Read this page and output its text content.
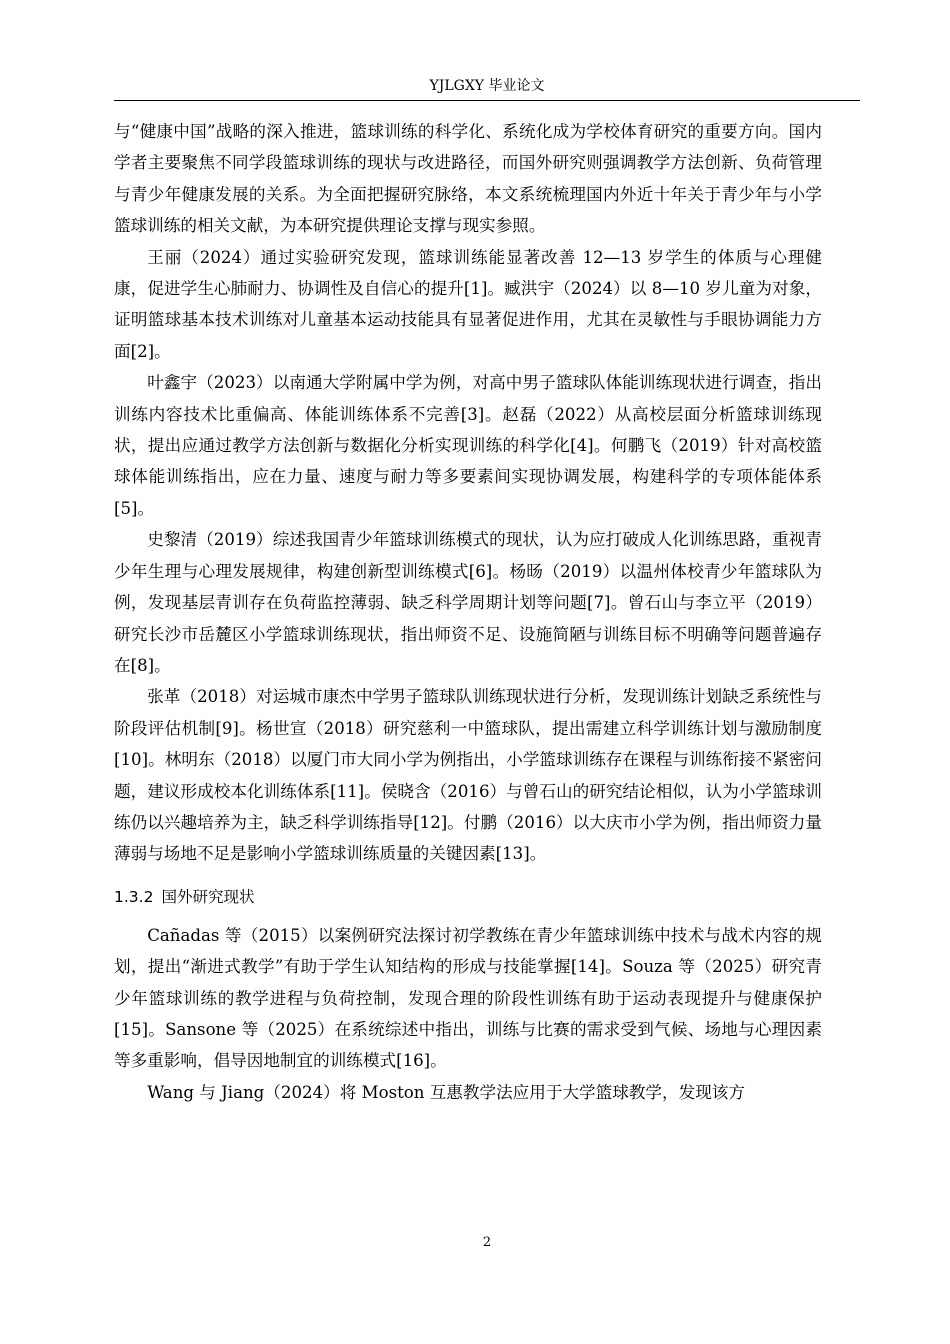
YJLGXY 毕业论文

与“健康中国”战略的深入推进，篮球训练的科学化、系统化成为学校体育研究的重要方向。国内学者主要聚焦不同学段篮球训练的现状与改进路径，而国外研究则强调教学方法创新、负荷管理与青少年健康发展的关系。为全面把握研究脉络，本文系统梳理国内外近十年关于青少年与小学篮球训练的相关文献，为本研究提供理论支撑与现实参照。

王丽（2024）通过实验研究发现，篮球训练能显著改善 12—13 岁学生的体质与心理健康，促进学生心肺耐力、协调性及自信心的提升[1]。臧洪宇（2024）以 8—10 岁儿童为对象，证明篮球基本技术训练对儿童基本运动技能具有显著促进作用，尤其在灵敏性与手眼协调能力方面[2]。

叶鑫宇（2023）以南通大学附属中学为例，对高中男子篮球队体能训练现状进行调查，指出训练内容技术比重偏高、体能训练体系不完善[3]。赵磊（2022）从高校层面分析篮球训练现状，提出应通过教学方法创新与数据化分析实现训练的科学化[4]。何鹏飞（2019）针对高校篮球体能训练指出，应在力量、速度与耐力等多要素间实现协调发展，构建科学的专项体能体系[5]。

史黎清（2019）综述我国青少年篮球训练模式的现状，认为应打破成人化训练思路，重视青少年生理与心理发展规律，构建创新型训练模式[6]。杨旸（2019）以温州体校青少年篮球队为例，发现基层青训存在负荷监控薄弱、缺乏科学周期计划等问题[7]。曾石山与李立平（2019）研究长沙市岳麓区小学篮球训练现状，指出师资不足、设施简陋与训练目标不明确等问题普遍存在[8]。

张革（2018）对运城市康杰中学男子篮球队训练现状进行分析，发现训练计划缺乏系统性与阶段评估机制[9]。杨世宣（2018）研究慈利一中篮球队，提出需建立科学训练计划与激励制度[10]。林明东（2018）以厦门市大同小学为例指出，小学篮球训练存在课程与训练衔接不紧密问题，建议形成校本化训练体系[11]。侯晓含（2016）与曾石山的研究结论相似，认为小学篮球训练仍以兴趣培养为主，缺乏科学训练指导[12]。付鹏（2016）以大庆市小学为例，指出师资力量薄弱与场地不足是影响小学篮球训练质量的关键因素[13]。

1.3.2 国外研究现状

Cañadas 等（2015）以案例研究法探讨初学教练在青少年篮球训练中技术与战术内容的规划，提出“渐进式教学”有助于学生认知结构的形成与技能掌握[14]。Souza 等（2025）研究青少年篮球训练的教学进程与负荷控制，发现合理的阶段性训练有助于运动表现提升与健康保护[15]。Sansone 等（2025）在系统综述中指出，训练与比赛的需求受到气候、场地与心理因素等多重影响，倡导因地制宜的训练模式[16]。

Wang 与 Jiang（2024）将 Moston 互惠教学法应用于大学篮球教学，发现该方

2
